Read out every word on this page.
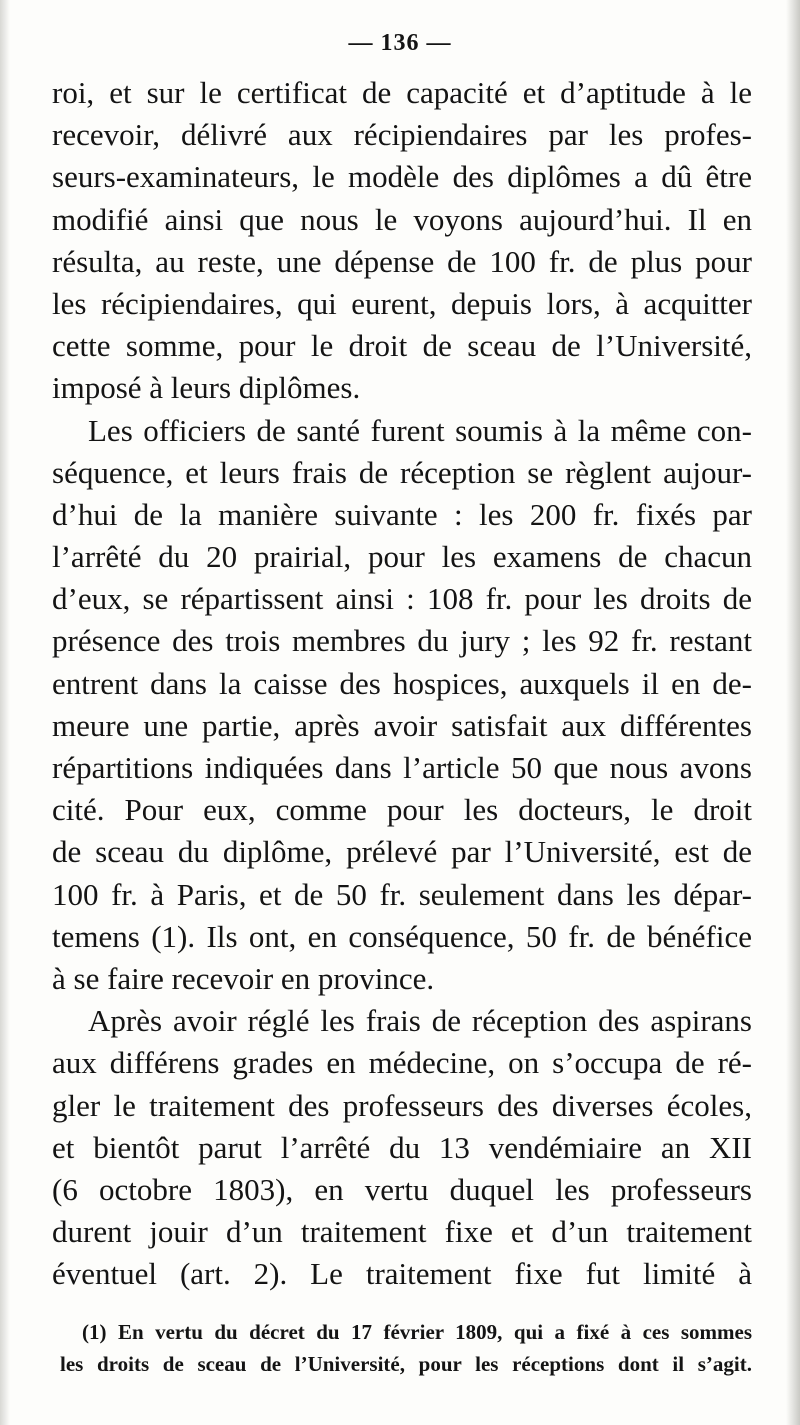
— 136 —
roi, et sur le certificat de capacité et d’aptitude à le
recevoir, délivré aux récipiendaires par les profes-
seurs-examinateurs, le modèle des diplômes a dû être
modifié ainsi que nous le voyons aujourd’hui. Il en
résulta, au reste, une dépense de 100 fr. de plus pour
les récipiendaires, qui eurent, depuis lors, à acquitter
cette somme, pour le droit de sceau de l’Université,
imposé à leurs diplômes.
Les officiers de santé furent soumis à la même con-
séquence, et leurs frais de réception se règlent aujour-
d’hui de la manière suivante : les 200 fr. fixés par
l’arrêté du 20 prairial, pour les examens de chacun
d’eux, se répartissent ainsi : 108 fr. pour les droits de
présence des trois membres du jury ; les 92 fr. restant
entrent dans la caisse des hospices, auxquels il en de-
meure une partie, après avoir satisfait aux différentes
répartitions indiquées dans l’article 50 que nous avons
cité. Pour eux, comme pour les docteurs, le droit
de sceau du diplôme, prélevé par l’Université, est de
100 fr. à Paris, et de 50 fr. seulement dans les dépar-
temens (1). Ils ont, en conséquence, 50 fr. de bénéfice
à se faire recevoir en province.
Après avoir réglé les frais de réception des aspirans
aux différens grades en médecine, on s’occupa de ré-
gler le traitement des professeurs des diverses écoles,
et bientôt parut l’arrêté du 13 vendémiaire an XII
(6 octobre 1803), en vertu duquel les professeurs
durent jouir d’un traitement fixe et d’un traitement
éventuel (art. 2). Le traitement fixe fut limité à
(1) En vertu du décret du 17 février 1809, qui a fixé à ces sommes
les droits de sceau de l’Université, pour les réceptions dont il s’agit.
